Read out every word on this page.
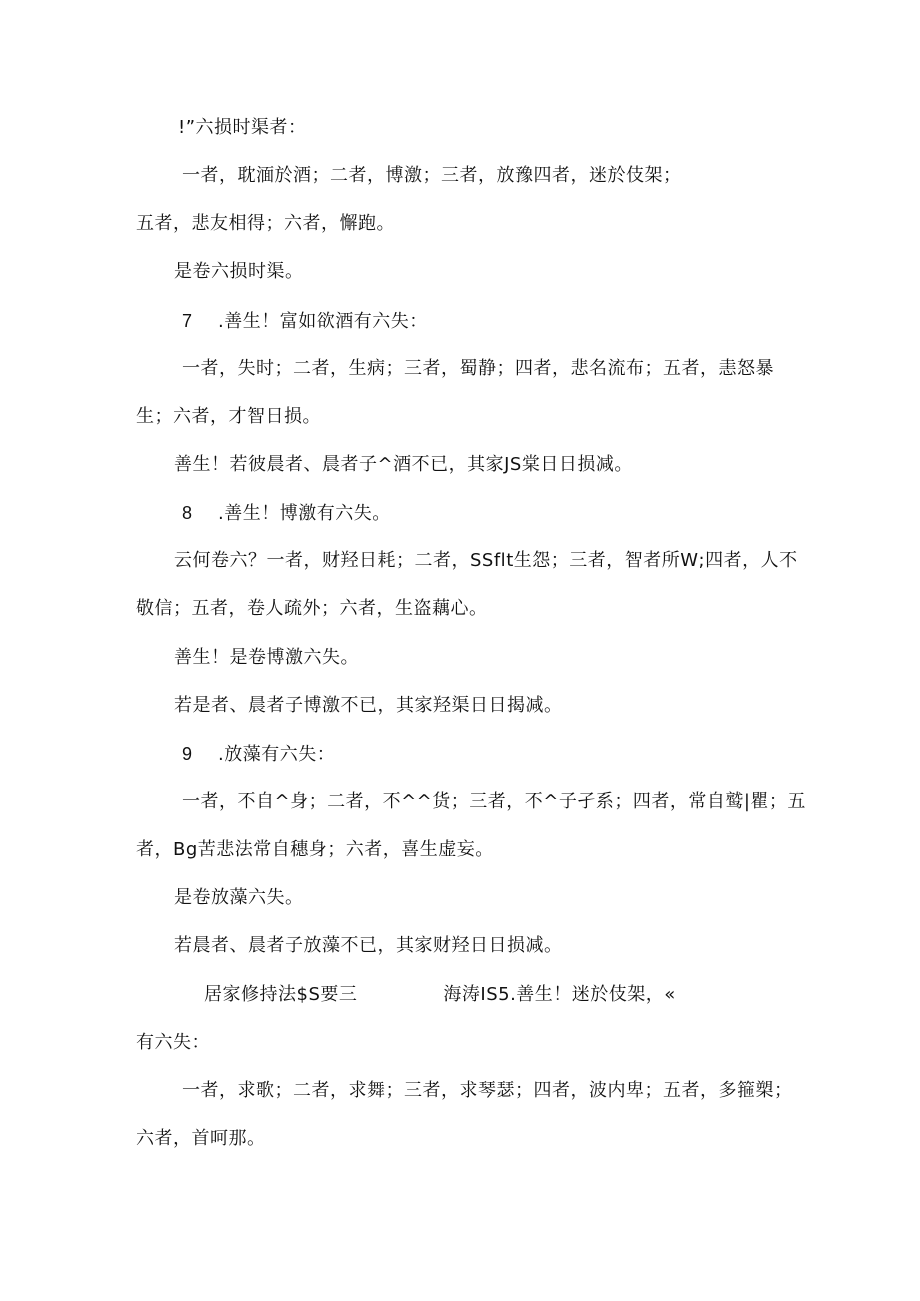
!”六损时渠者：
一者，耽湎於酒；二者，博激；三者，放豫四者，迷於伎架；
五者，悲友相得；六者，懈跑。
是卷六损时渠。
7 .善生！富如欲酒有六失：
一者，失时；二者，生病；三者，蜀静；四者，悲名流布；五者，恚怒暴
生；六者，才智日损。
善生！若彼晨者、晨者子^酒不已，其家JS棠日日损减。
8 .善生！博激有六失。
云何卷六？一者，财羟日耗；二者，SSflt生怨；三者，智者所W;四者，人不
敬信；五者，卷人疏外；六者，生盗藕心。
善生！是卷博激六失。
若是者、晨者子博激不已，其家羟渠日日揭减。
9 .放藻有六失：
一者，不自^身；二者，不^^货；三者，不^子孑系；四者，常自鹫|瞿；五
者，Bg苦悲法常自穗身；六者，喜生虚妄。
是卷放藻六失。
若晨者、晨者子放藻不已，其家财羟日日损减。
居家修持法$S要三	海涛IS5.善生！迷於伎架，«
有六失：
一者，求歌；二者，求舞；三者，求琴瑟；四者，波内卑；五者，多箍槊；
六者，首呵那。
